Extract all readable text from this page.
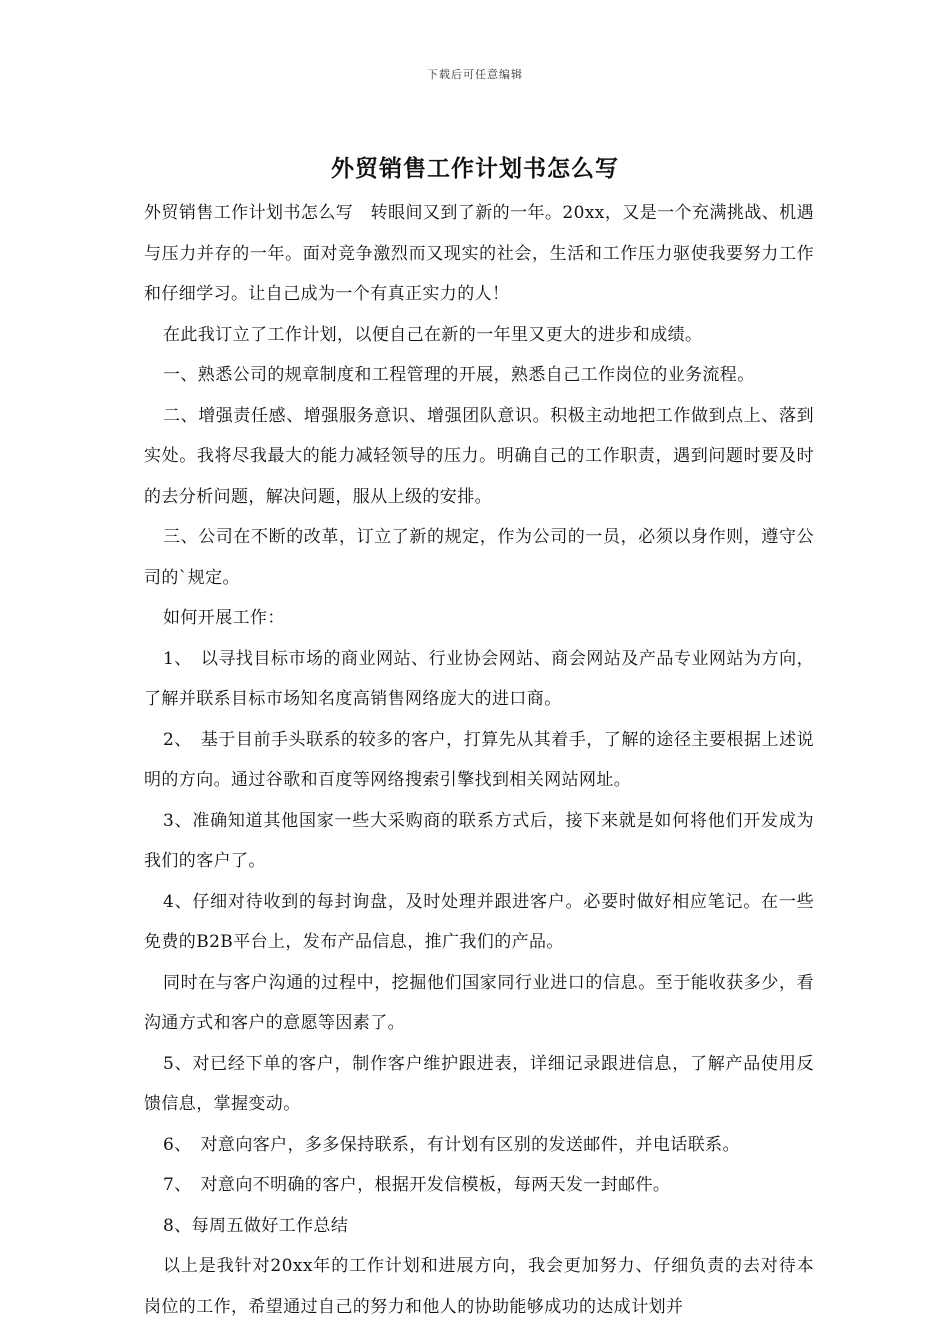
下载后可任意编辑
外贸销售工作计划书怎么写

外贸销售工作计划书怎么写　转眼间又到了新的一年。20xx，又是一个充满挑战、机遇与压力并存的一年。面对竞争激烈而又现实的社会，生活和工作压力驱使我要努力工作和仔细学习。让自己成为一个有真正实力的人！

在此我订立了工作计划，以便自己在新的一年里又更大的进步和成绩。

一、熟悉公司的规章制度和工程管理的开展，熟悉自己工作岗位的业务流程。

二、增强责任感、增强服务意识、增强团队意识。积极主动地把工作做到点上、落到实处。我将尽我最大的能力减轻领导的压力。明确自己的工作职责，遇到问题时要及时的去分析问题，解决问题，服从上级的安排。

三、公司在不断的改革，订立了新的规定，作为公司的一员，必须以身作则，遵守公司的`规定。

如何开展工作：

1、　以寻找目标市场的商业网站、行业协会网站、商会网站及产品专业网站为方向，了解并联系目标市场知名度高销售网络庞大的进口商。

2、　基于目前手头联系的较多的客户，打算先从其着手，了解的途径主要根据上述说明的方向。通过谷歌和百度等网络搜索引擎找到相关网站网址。

3、准确知道其他国家一些大采购商的联系方式后，接下来就是如何将他们开发成为我们的客户了。

4、仔细对待收到的每封询盘，及时处理并跟进客户。必要时做好相应笔记。在一些免费的B2B平台上，发布产品信息，推广我们的产品。

同时在与客户沟通的过程中，挖掘他们国家同行业进口的信息。至于能收获多少，看沟通方式和客户的意愿等因素了。

5、对已经下单的客户，制作客户维护跟进表，详细记录跟进信息，了解产品使用反馈信息，掌握变动。

6、　对意向客户，多多保持联系，有计划有区别的发送邮件，并电话联系。

7、　对意向不明确的客户，根据开发信模板，每两天发一封邮件。

8、每周五做好工作总结

以上是我针对20xx年的工作计划和进展方向，我会更加努力、仔细负责的去对待本岗位的工作，希望通过自己的努力和他人的协助能够成功的达成计划并
